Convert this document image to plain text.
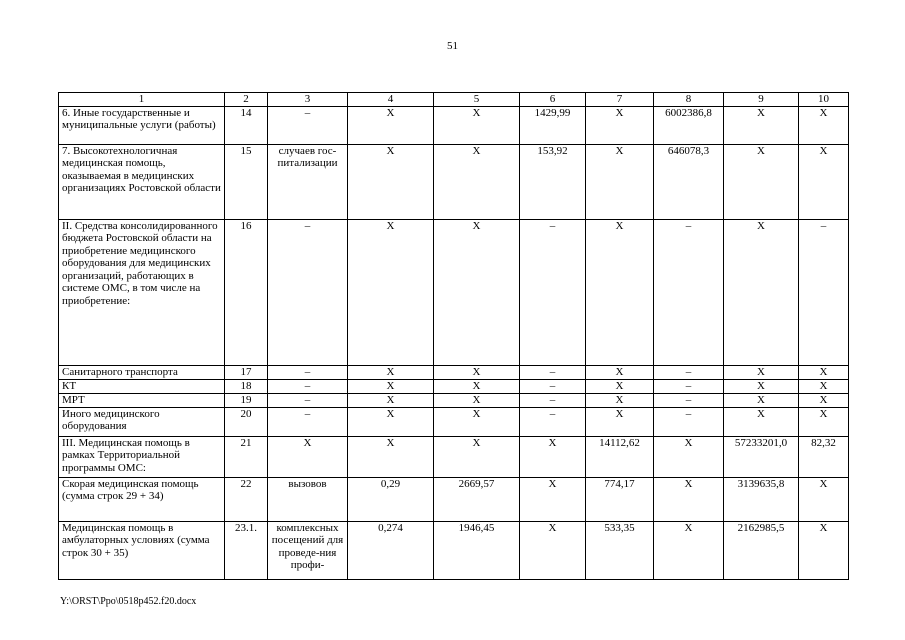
51
1	2	3	4	5	6	7	8	9	10
6. Иные государственные и муниципальные услуги (работы)	14	–	Х	Х	1429,99	Х	6002386,8	Х	Х
7. Высокотехнологичная медицинская помощь, оказываемая в медицинских организациях Ростовской области	15	случаев гос-питализации	Х	Х	153,92	Х	646078,3	Х	Х
II. Средства консолидированного бюджета Ростовской области на приобретение медицинского оборудования для медицинских организаций, работающих в системе ОМС, в том числе на приобретение:	16	–	Х	Х	–	Х	–	Х	–
Санитарного транспорта	17	–	Х	Х	–	Х	–	Х	Х
КТ	18	–	Х	Х	–	Х	–	Х	Х
МРТ	19	–	Х	Х	–	Х	–	Х	Х
Иного медицинского оборудования	20	–	Х	Х	–	Х	–	Х	Х
III. Медицинская помощь в рамках Территориальной программы ОМС:	21	Х	Х	Х	Х	14112,62	Х	57233201,0	82,32
Скорая медицинская помощь (сумма строк 29 + 34)	22	вызовов	0,29	2669,57	Х	774,17	Х	3139635,8	Х
Медицинская помощь в амбулаторных условиях (сумма строк 30 + 35)	23.1.	комплексных посещений для проведе-ния профи-	0,274	1946,45	Х	533,35	Х	2162985,5	Х
Y:\ORST\Ppo\0518p452.f20.docx
